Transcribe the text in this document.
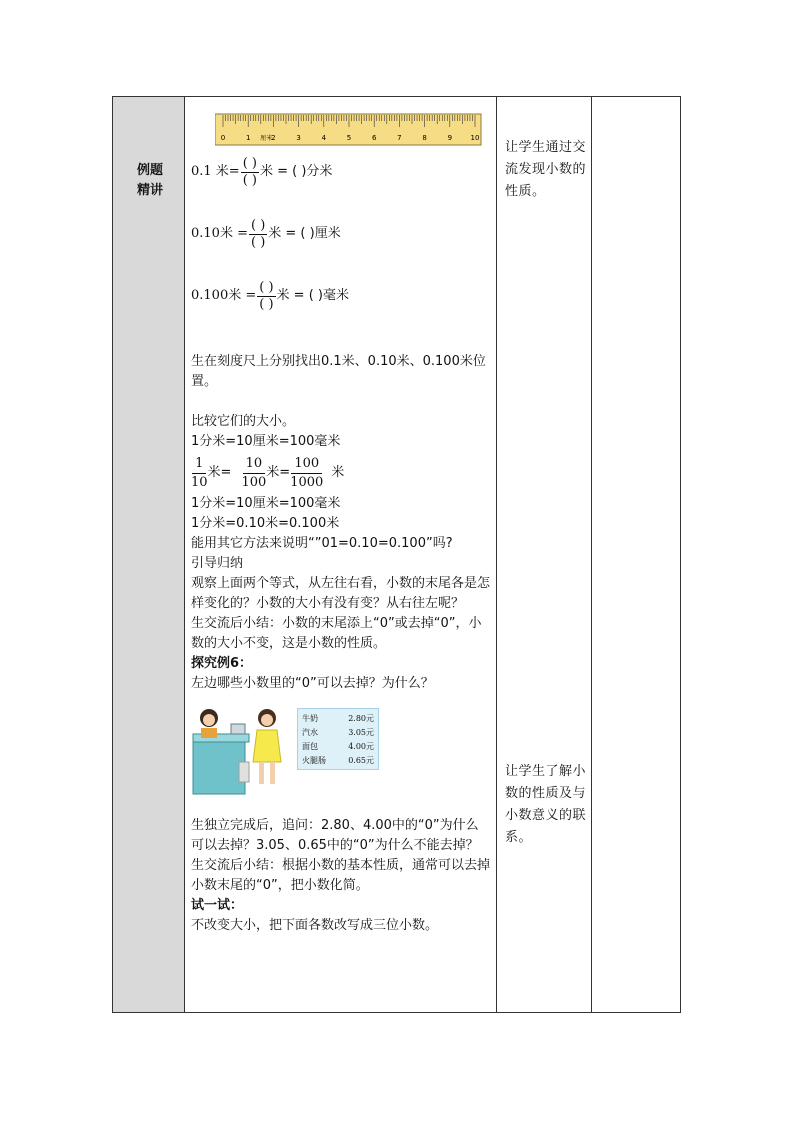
例题
精讲

0	1	2	3	4	5	6	7	8	9	10
厘米
0.1 米= $\frac{( )}{( )}$ 米 = ( )分米
0.10米 = $\frac{( )}{( )}$ 米 = ( )厘米
0.100米 = $\frac{( )}{( )}$ 米 = ( )毫米

生在刻度尺上分别找出0.1米、0.10米、0.100米位置。

比较它们的大小。

1分米=10厘米=100毫米

$\frac{1}{10}$ 米= $\frac{10}{100}$ 米= $\frac{100}{1000}$ 米

1分米=10厘米=100毫米

1分米=0.10米=0.100米

能用其它方法来说明“”01=0.10=0.100”吗?

引导归纳

观察上面两个等式，从左往右看，小数的末尾各是怎样变化的？小数的大小有没有变？从右往左呢？

生交流后小结：小数的末尾添上“0”或去掉“0”，小数的大小不变，这是小数的性质。

探究例6：

左边哪些小数里的“0”可以去掉？为什么？

牛奶	2.80元
汽水	3.05元
面包	4.00元
火腿肠	0.65元

生独立完成后，追问：2.80、4.00中的“0”为什么可以去掉？3.05、0.65中的“0”为什么不能去掉？

生交流后小结：根据小数的基本性质，通常可以去掉小数末尾的“0”，把小数化简。

试一试：

不改变大小，把下面各数改写成三位小数。

让学生通过交流发现小数的性质。
让学生了解小数的性质及与小数意义的联系。
